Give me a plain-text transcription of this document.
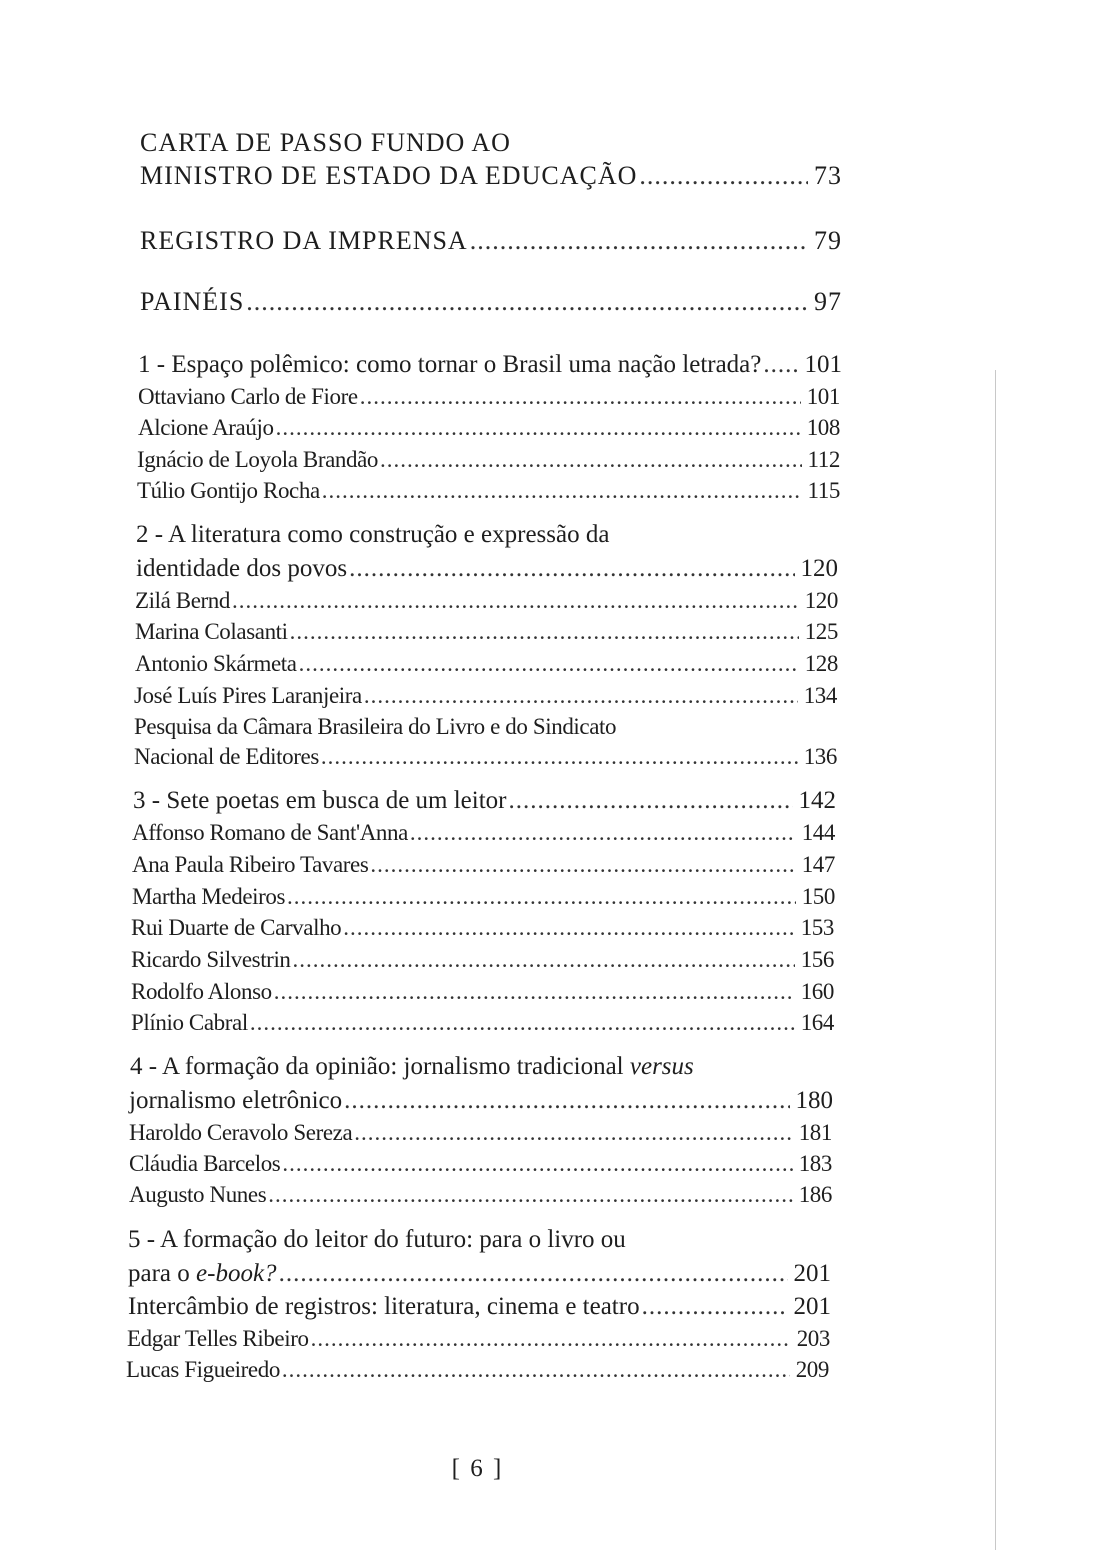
CARTA DE PASSO FUNDO AO
MINISTRO DE ESTADO DA EDUCAÇÃO .....	73
REGISTRO DA IMPRENSA .....	79
PAINÉIS .....	97
1 - Espaço polêmico: como tornar o Brasil uma nação letrada? ..... 101
Ottaviano Carlo de Fiore .....	101
Alcione Araújo .....	108
Ignácio de Loyola Brandão .....	112
Túlio Gontijo Rocha .....	115
2 - A literatura como construção e expressão da
identidade dos povos .....	120
Zilá Bernd .....	120
Marina Colasanti .....	125
Antonio Skármeta .....	128
José Luís Pires Laranjeira .....	134
Pesquisa da Câmara Brasileira do Livro e do Sindicato
Nacional de Editores .....	136
3 - Sete poetas em busca de um leitor .....	142
Affonso Romano de Sant'Anna .....	144
Ana Paula Ribeiro Tavares .....	147
Martha Medeiros .....	150
Rui Duarte de Carvalho .....	153
Ricardo Silvestrin .....	156
Rodolfo Alonso .....	160
Plínio Cabral .....	164
4 - A formação da opinião: jornalismo tradicional versus
jornalismo eletrônico .....	180
Haroldo Ceravolo Sereza .....	181
Cláudia Barcelos .....	183
Augusto Nunes .....	186
5 - A formação do leitor do futuro: para o livro ou
para o e-book? .....	201
Intercâmbio de registros: literatura, cinema e teatro .....	201
Edgar Telles Ribeiro .....	203
Lucas Figueiredo .....	209
[ 6 ]
